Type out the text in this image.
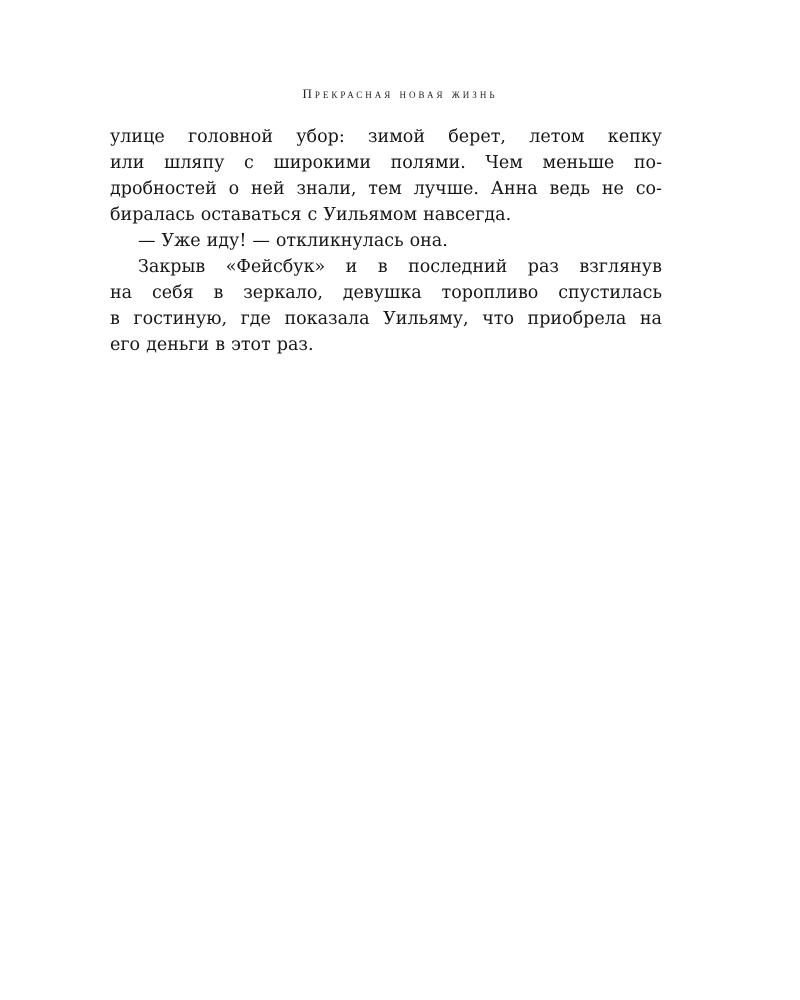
Прекрасная новая жизнь
улице головной убор: зимой берет, летом кепку
или шляпу с широкими полями. Чем меньше по-
дробностей о ней знали, тем лучше. Анна ведь не со-
биралась оставаться с Уильямом навсегда.
— Уже иду! — откликнулась она.
Закрыв «Фейсбук» и в последний раз взглянув
на себя в зеркало, девушка торопливо спустилась
в гостиную, где показала Уильяму, что приобрела на
его деньги в этот раз.
